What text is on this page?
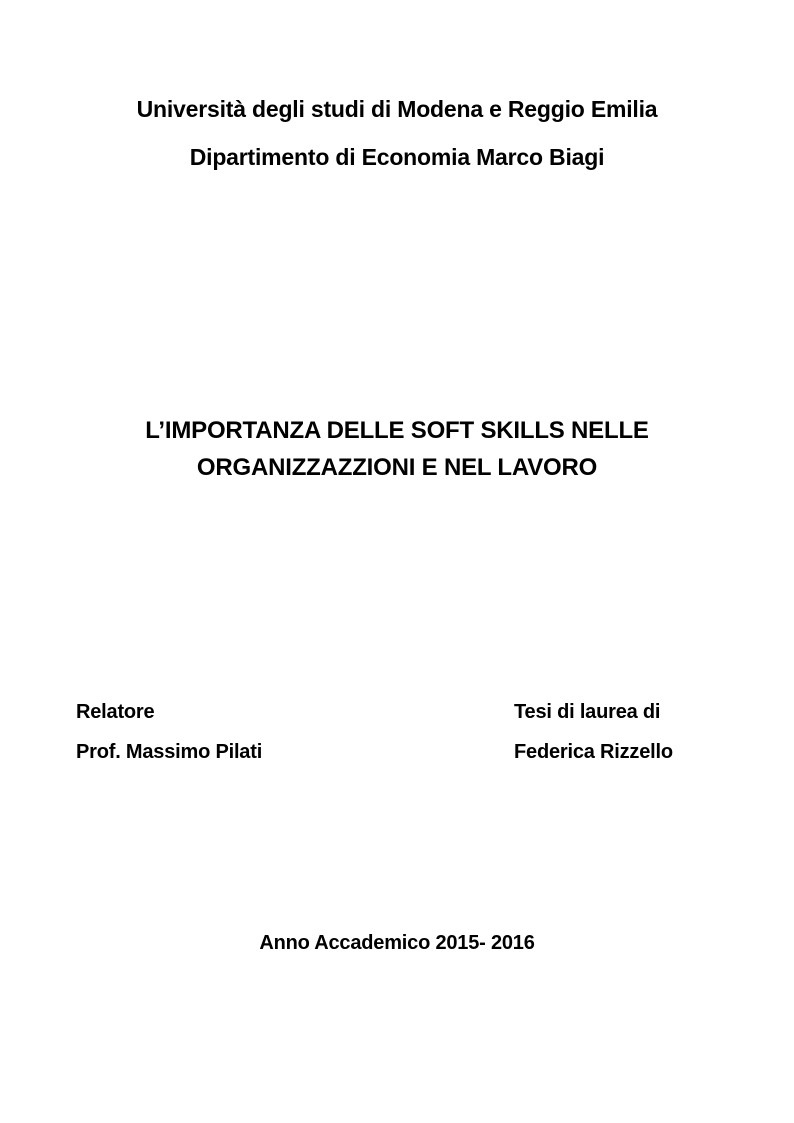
Università degli studi di Modena e Reggio Emilia
Dipartimento di Economia Marco Biagi
L’IMPORTANZA DELLE SOFT SKILLS NELLE
ORGANIZZAZZIONI E NEL LAVORO
Relatore
Prof. Massimo Pilati
Tesi di laurea di
Federica Rizzello
Anno Accademico 2015- 2016
